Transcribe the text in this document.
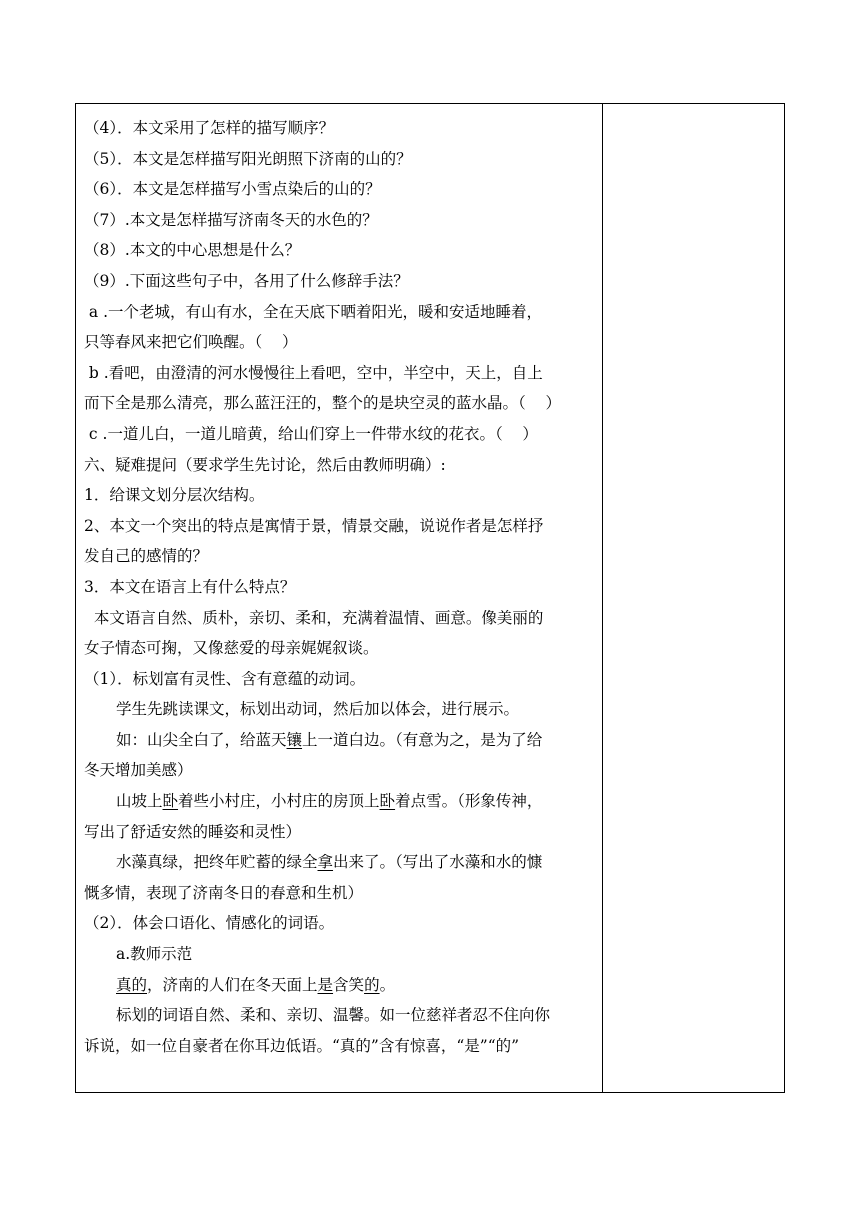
（4）．本文采用了怎样的描写顺序？
（5）．本文是怎样描写阳光朗照下济南的山的？
（6）．本文是怎样描写小雪点染后的山的？
（7）.本文是怎样描写济南冬天的水色的？
（8）.本文的中心思想是什么？
（9）.下面这些句子中，各用了什么修辞手法？
a .一个老城，有山有水，全在天底下晒着阳光，暖和安适地睡着，
只等春风来把它们唤醒。（    ）
b .看吧，由澄清的河水慢慢往上看吧，空中，半空中，天上，自上
而下全是那么清亮，那么蓝汪汪的，整个的是块空灵的蓝水晶。（    ）
c .一道儿白，一道儿暗黄，给山们穿上一件带水纹的花衣。（    ）
六、疑难提问（要求学生先讨论，然后由教师明确）:
1．给课文划分层次结构。
2、本文一个突出的特点是寓情于景，情景交融，说说作者是怎样抒
发自己的感情的？
3．本文在语言上有什么特点？
本文语言自然、质朴，亲切、柔和，充满着温情、画意。像美丽的
女子情态可掬，又像慈爱的母亲娓娓叙谈。
（1）．标划富有灵性、含有意蕴的动词。
学生先跳读课文，标划出动词，然后加以体会，进行展示。
如：山尖全白了，给蓝天镶上一道白边。（有意为之，是为了给
冬天增加美感）
山坡上卧着些小村庄，小村庄的房顶上卧着点雪。（形象传神，
写出了舒适安然的睡姿和灵性）
水藻真绿，把终年贮蓄的绿全拿出来了。（写出了水藻和水的慷
慨多情，表现了济南冬日的春意和生机）
（2）．体会口语化、情感化的词语。
a.教师示范
真的，济南的人们在冬天面上是含笑的。
标划的词语自然、柔和、亲切、温馨。如一位慈祥者忍不住向你
诉说，如一位自豪者在你耳边低语。“真的”含有惊喜，“是”“的”
